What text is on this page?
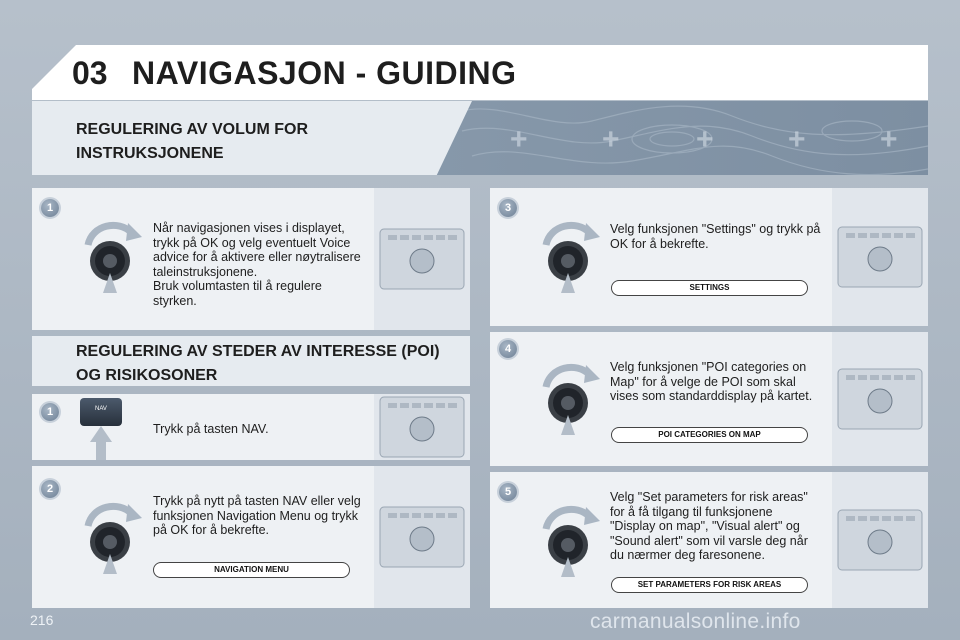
03 NAVIGASJON - GUIDING
+ +	+ + +
REGULERING AV VOLUM FOR
INSTRUKSJONENE
1
Når navigasjonen vises i displayet,
trykk på OK og velg eventuelt Voice
advice for å aktivere eller nøytralisere
taleinstruksjonene.
Bruk volumtasten til å regulere
styrken.
REGULERING AV STEDER AV INTERESSE (POI)
OG RISIKOSONER
1	NAV
Trykk på tasten NAV.
2
Trykk på nytt på tasten NAV eller velg
funksjonen Navigation Menu og trykk
på OK for å bekrefte.
NAVIGATION MENU
3
Velg funksjonen "Settings" og trykk på
OK for å bekrefte.
SETTINGS
4
Velg funksjonen "POI categories on
Map" for å velge de POI som skal
vises som standarddisplay på kartet.
POI CATEGORIES ON MAP
5	Velg "Set parameters for risk areas"
for å få tilgang til funksjonene
"Display on map", "Visual alert" og
"Sound alert" som vil varsle deg når
du nærmer deg faresonene.
SET PARAMETERS FOR RISK AREAS
216	carmanualsonline.info
